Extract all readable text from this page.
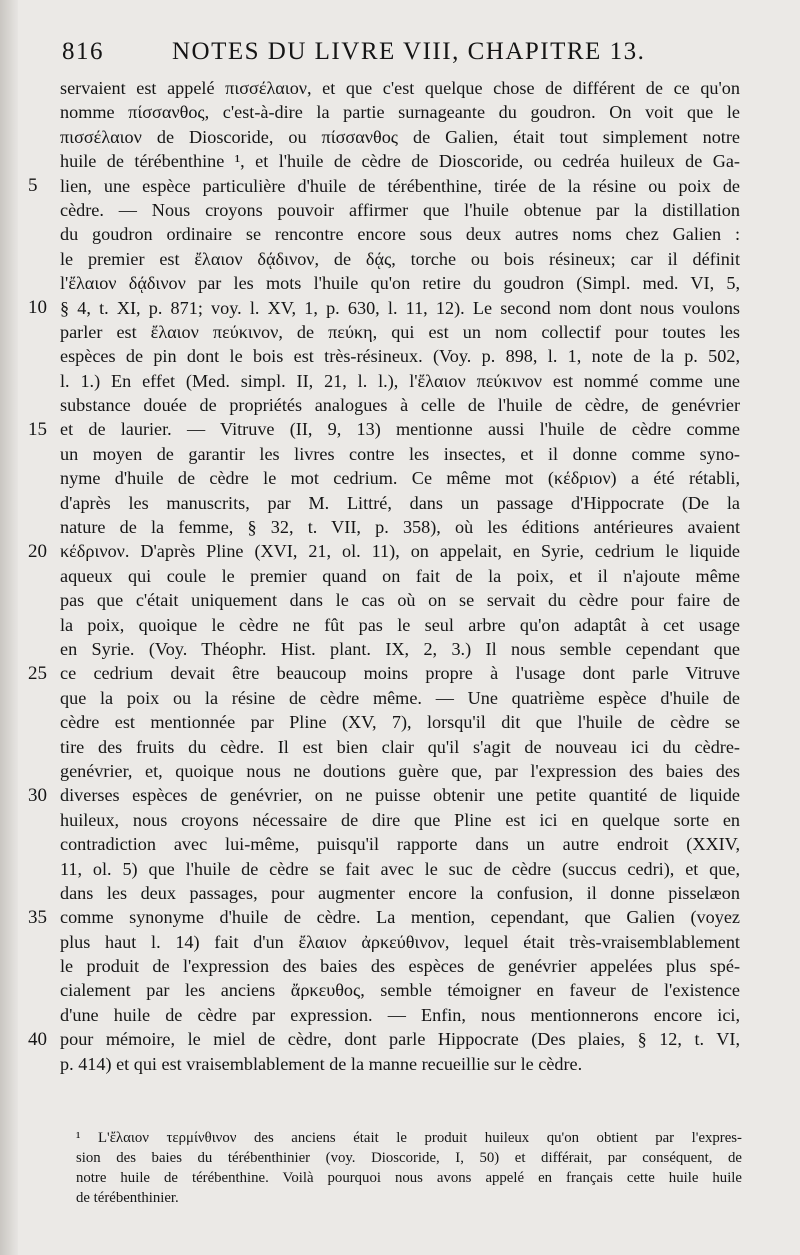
816	NOTES DU LIVRE VIII, CHAPITRE 13.
servaient est appelé πισσέλαιον, et que c'est quelque chose de différent de ce qu'on
nomme πίσσανθος, c'est-à-dire la partie surnageante du goudron. On voit que le
πισσέλαιον de Dioscoride, ou πίσσανθος de Galien, était tout simplement notre
huile de térébenthine ¹, et l'huile de cèdre de Dioscoride, ou cedréa huileux de Ga-
lien, une espèce particulière d'huile de térébenthine, tirée de la résine ou poix de
cèdre. — Nous croyons pouvoir affirmer que l'huile obtenue par la distillation
du goudron ordinaire se rencontre encore sous deux autres noms chez Galien :
le premier est ἔλαιον δᾴδινον, de δᾴς, torche ou bois résineux; car il définit
l'ἔλαιον δᾴδινον par les mots l'huile qu'on retire du goudron (Simpl. med. VI, 5,
§ 4, t. XI, p. 871; voy. l. XV, 1, p. 630, l. 11, 12). Le second nom dont nous voulons
parler est ἔλαιον πεύκινον, de πεύκη, qui est un nom collectif pour toutes les
espèces de pin dont le bois est très-résineux. (Voy. p. 898, l. 1, note de la p. 502,
l. 1.) En effet (Med. simpl. II, 21, l. l.), l'ἔλαιον πεύκινον est nommé comme une
substance douée de propriétés analogues à celle de l'huile de cèdre, de genévrier
et de laurier. — Vitruve (II, 9, 13) mentionne aussi l'huile de cèdre comme
un moyen de garantir les livres contre les insectes, et il donne comme syno-
nyme d'huile de cèdre le mot cedrium. Ce même mot (κέδριον) a été rétabli,
d'après les manuscrits, par M. Littré, dans un passage d'Hippocrate (De la
nature de la femme, § 32, t. VII, p. 358), où les éditions antérieures avaient
κέδρινον. D'après Pline (XVI, 21, ol. 11), on appelait, en Syrie, cedrium le liquide
aqueux qui coule le premier quand on fait de la poix, et il n'ajoute même
pas que c'était uniquement dans le cas où on se servait du cèdre pour faire de
la poix, quoique le cèdre ne fût pas le seul arbre qu'on adaptât à cet usage
en Syrie. (Voy. Théophr. Hist. plant. IX, 2, 3.) Il nous semble cependant que
ce cedrium devait être beaucoup moins propre à l'usage dont parle Vitruve
que la poix ou la résine de cèdre même. — Une quatrième espèce d'huile de
cèdre est mentionnée par Pline (XV, 7), lorsqu'il dit que l'huile de cèdre se
tire des fruits du cèdre. Il est bien clair qu'il s'agit de nouveau ici du cèdre-
genévrier, et, quoique nous ne doutions guère que, par l'expression des baies des
diverses espèces de genévrier, on ne puisse obtenir une petite quantité de liquide
huileux, nous croyons nécessaire de dire que Pline est ici en quelque sorte en
contradiction avec lui-même, puisqu'il rapporte dans un autre endroit (XXIV,
11, ol. 5) que l'huile de cèdre se fait avec le suc de cèdre (succus cedri), et que,
dans les deux passages, pour augmenter encore la confusion, il donne pisselæon
comme synonyme d'huile de cèdre. La mention, cependant, que Galien (voyez
plus haut l. 14) fait d'un ἔλαιον ἀρκεύθινον, lequel était très-vraisemblablement
le produit de l'expression des baies des espèces de genévrier appelées plus spé-
cialement par les anciens ἄρκευθος, semble témoigner en faveur de l'existence
d'une huile de cèdre par expression. — Enfin, nous mentionnerons encore ici,
pour mémoire, le miel de cèdre, dont parle Hippocrate (Des plaies, § 12, t. VI,
p. 414) et qui est vraisemblablement de la manne recueillie sur le cèdre.
¹ L'ἔλαιον τερμίνθινον des anciens était le produit huileux qu'on obtient par l'expres-
sion des baies du térébenthinier (voy. Dioscoride, I, 50) et différait, par conséquent, de
notre huile de térébenthine. Voilà pourquoi nous avons appelé en français cette huile huile
de térébenthinier.
5
10
15
20
25
30
35
40
